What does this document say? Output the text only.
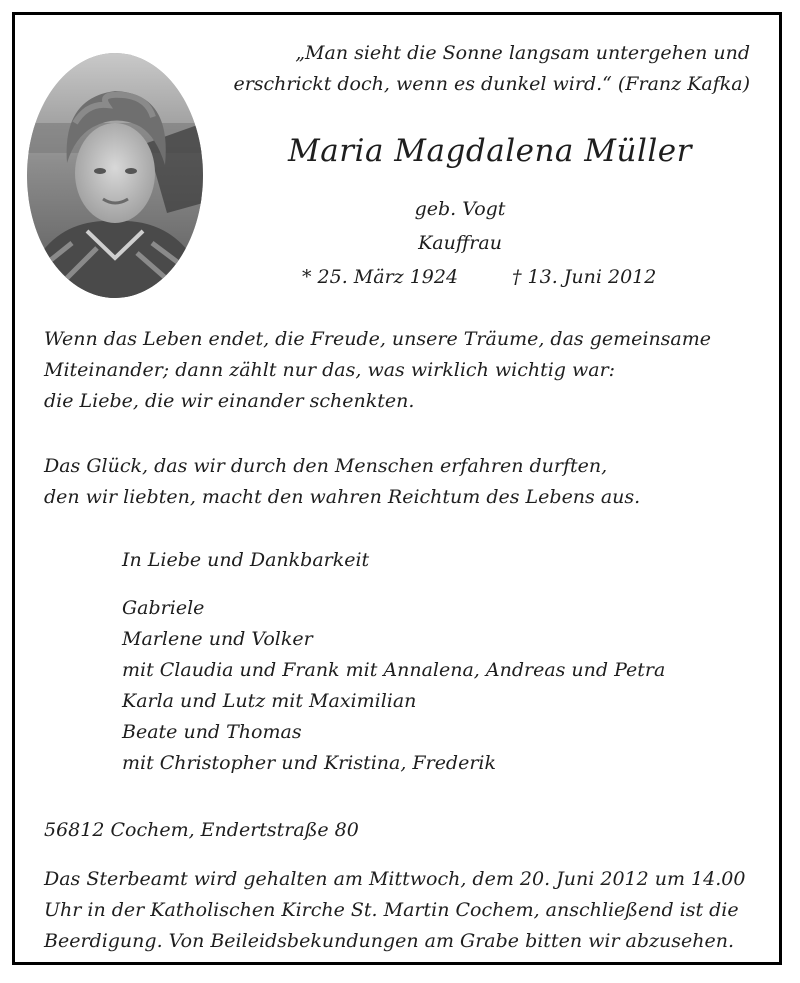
„Man sieht die Sonne langsam untergehen und
erschrickt doch, wenn es dunkel wird.“ (Franz Kafka)
Maria Magdalena Müller
geb. Vogt
Kauffrau
* 25. März 1924	† 13. Juni 2012
Wenn das Leben endet, die Freude, unsere Träume, das gemeinsame
Miteinander; dann zählt nur das, was wirklich wichtig war:
die Liebe, die wir einander schenkten.
Das Glück, das wir durch den Menschen erfahren durften,
den wir liebten, macht den wahren Reichtum des Lebens aus.
In Liebe und Dankbarkeit
Gabriele
Marlene und Volker
mit Claudia und Frank mit Annalena, Andreas und Petra
Karla und Lutz mit Maximilian
Beate und Thomas
mit Christopher und Kristina, Frederik
56812 Cochem, Endertstraße 80
Das Sterbeamt wird gehalten am Mittwoch, dem 20. Juni 2012 um 14.00
Uhr in der Katholischen Kirche St. Martin Cochem, anschließend ist die
Beerdigung. Von Beileidsbekundungen am Grabe bitten wir abzusehen.
